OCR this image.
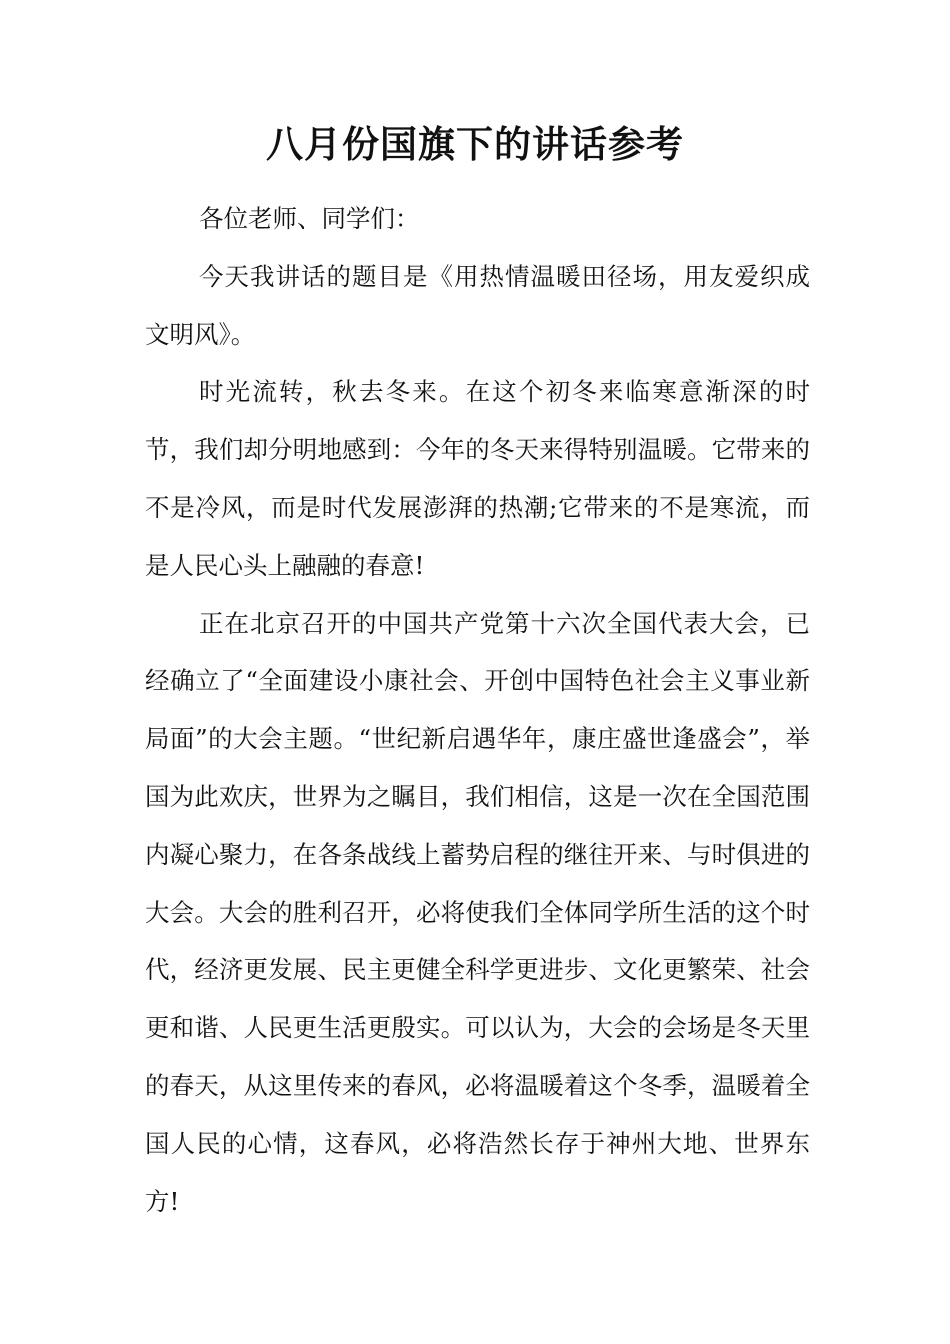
八月份国旗下的讲话参考

各位老师、同学们：

今天我讲话的题目是《用热情温暖田径场，用友爱织成文明风》。

时光流转，秋去冬来。在这个初冬来临寒意渐深的时节，我们却分明地感到：今年的冬天来得特别温暖。它带来的不是冷风，而是时代发展澎湃的热潮;它带来的不是寒流，而是人民心头上融融的春意!

正在北京召开的中国共产党第十六次全国代表大会，已经确立了“全面建设小康社会、开创中国特色社会主义事业新局面”的大会主题。“世纪新启遇华年，康庄盛世逢盛会”，举国为此欢庆，世界为之瞩目，我们相信，这是一次在全国范围内凝心聚力，在各条战线上蓄势启程的继往开来、与时俱进的大会。大会的胜利召开，必将使我们全体同学所生活的这个时代，经济更发展、民主更健全科学更进步、文化更繁荣、社会更和谐、人民更生活更殷实。可以认为，大会的会场是冬天里的春天，从这里传来的春风，必将温暖着这个冬季，温暖着全国人民的心情，这春风，必将浩然长存于神州大地、世界东方!
